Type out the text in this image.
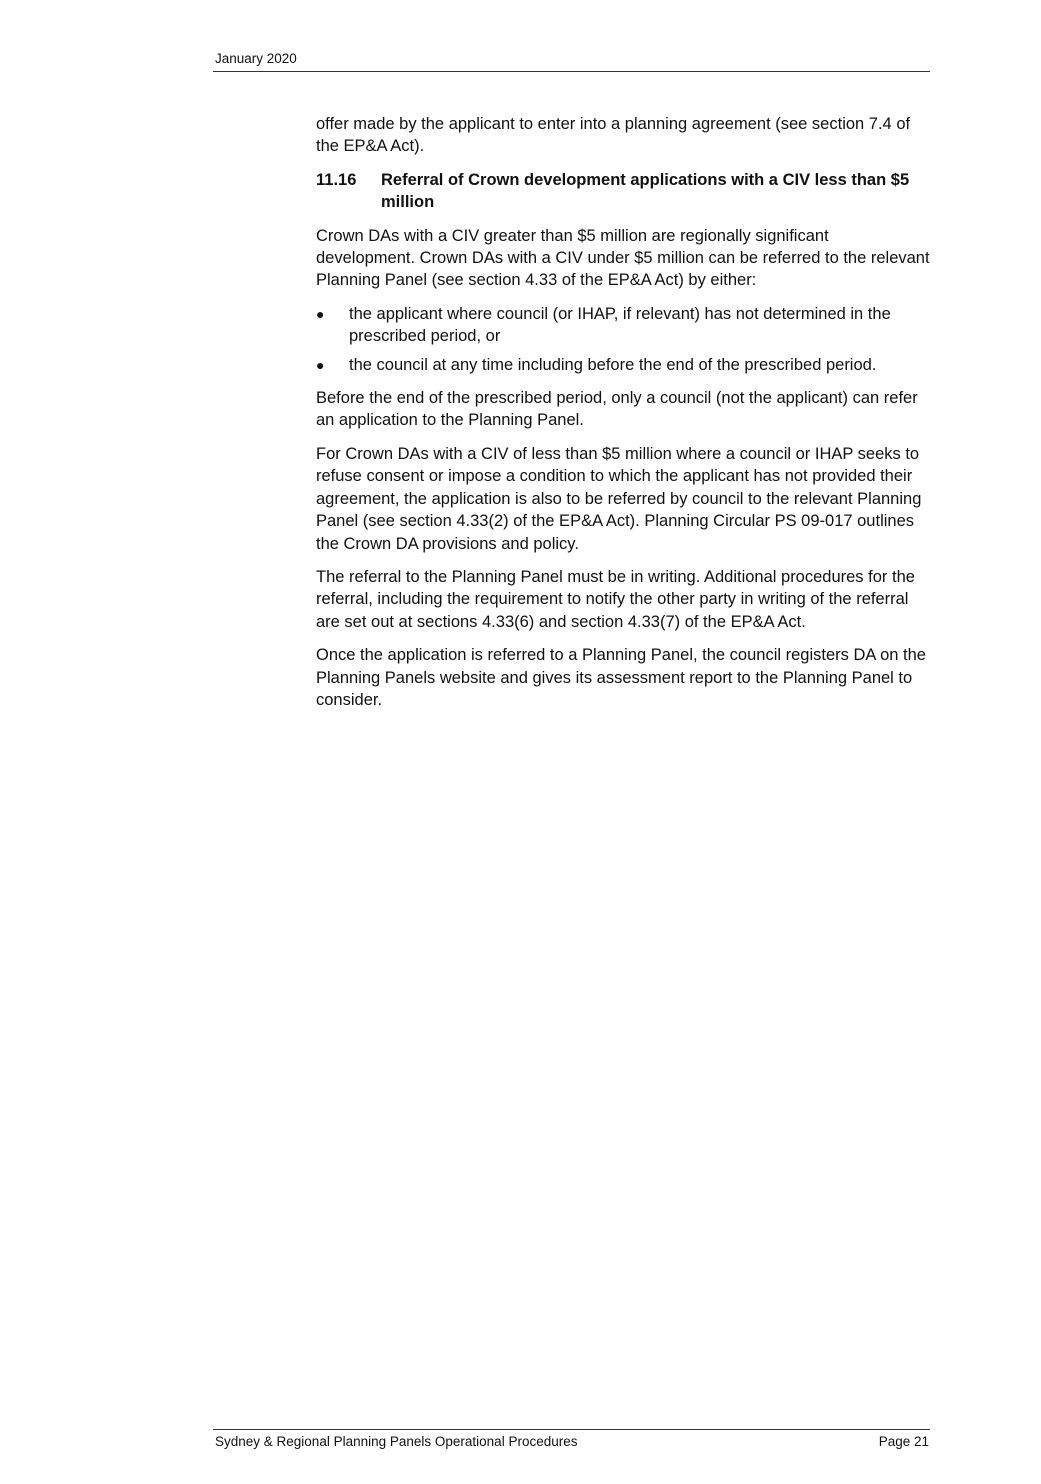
January 2020

offer made by the applicant to enter into a planning agreement (see section 7.4 of the EP&A Act).

11.16	Referral of Crown development applications with a CIV less than $5 million

Crown DAs with a CIV greater than $5 million are regionally significant development. Crown DAs with a CIV under $5 million can be referred to the relevant Planning Panel (see section 4.33 of the EP&A Act) by either:

●	the applicant where council (or IHAP, if relevant) has not determined in the prescribed period, or
●	the council at any time including before the end of the prescribed period.

Before the end of the prescribed period, only a council (not the applicant) can refer an application to the Planning Panel.

For Crown DAs with a CIV of less than $5 million where a council or IHAP seeks to refuse consent or impose a condition to which the applicant has not provided their agreement, the application is also to be referred by council to the relevant Planning Panel (see section 4.33(2) of the EP&A Act). Planning Circular PS 09-017 outlines the Crown DA provisions and policy.

The referral to the Planning Panel must be in writing. Additional procedures for the referral, including the requirement to notify the other party in writing of the referral are set out at sections 4.33(6) and section 4.33(7) of the EP&A Act.

Once the application is referred to a Planning Panel, the council registers DA on the Planning Panels website and gives its assessment report to the Planning Panel to consider.

Sydney & Regional Planning Panels Operational Procedures	Page 21
